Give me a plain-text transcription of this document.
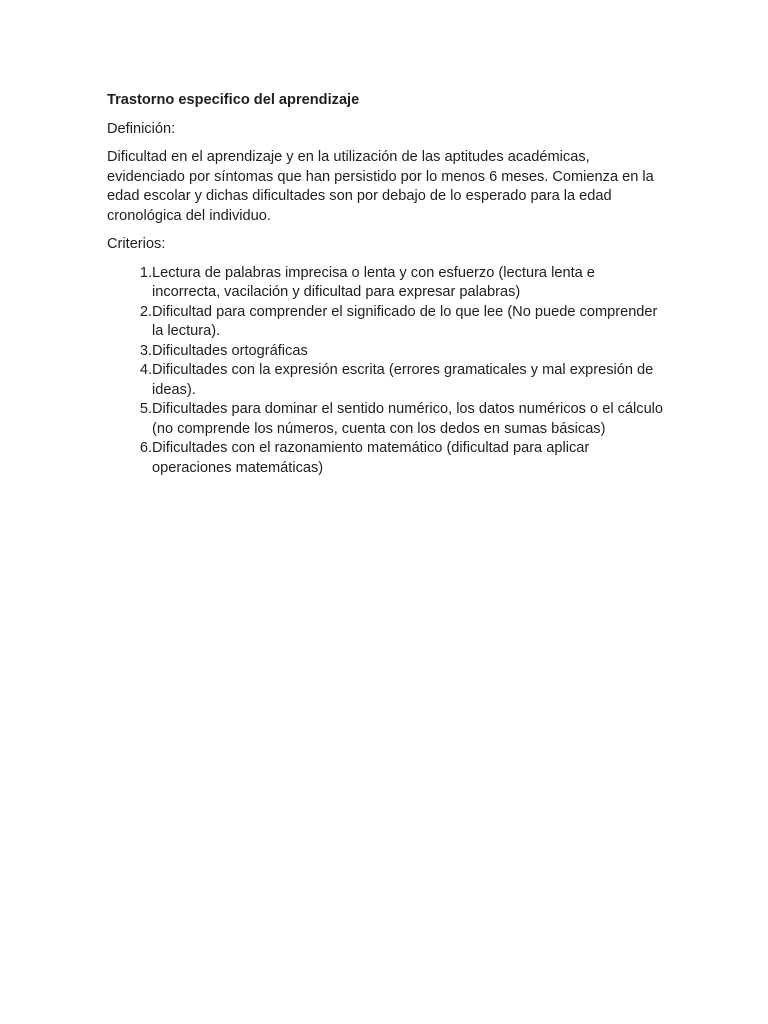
Trastorno especifico del aprendizaje
Definición:
Dificultad en el aprendizaje y en la utilización de las aptitudes académicas, evidenciado por síntomas que han persistido por lo menos 6 meses. Comienza en la edad escolar y dichas dificultades son por debajo de lo esperado para la edad cronológica del individuo.
Criterios:
1. Lectura de palabras imprecisa o lenta y con esfuerzo (lectura lenta e incorrecta, vacilación y dificultad para expresar palabras)
2. Dificultad para comprender el significado de lo que lee (No puede comprender la lectura).
3. Dificultades ortográficas
4. Dificultades con la expresión escrita (errores gramaticales y mal expresión de ideas).
5. Dificultades para dominar el sentido numérico, los datos numéricos o el cálculo (no comprende los números, cuenta con los dedos en sumas básicas)
6. Dificultades con el razonamiento matemático (dificultad para aplicar operaciones matemáticas)
